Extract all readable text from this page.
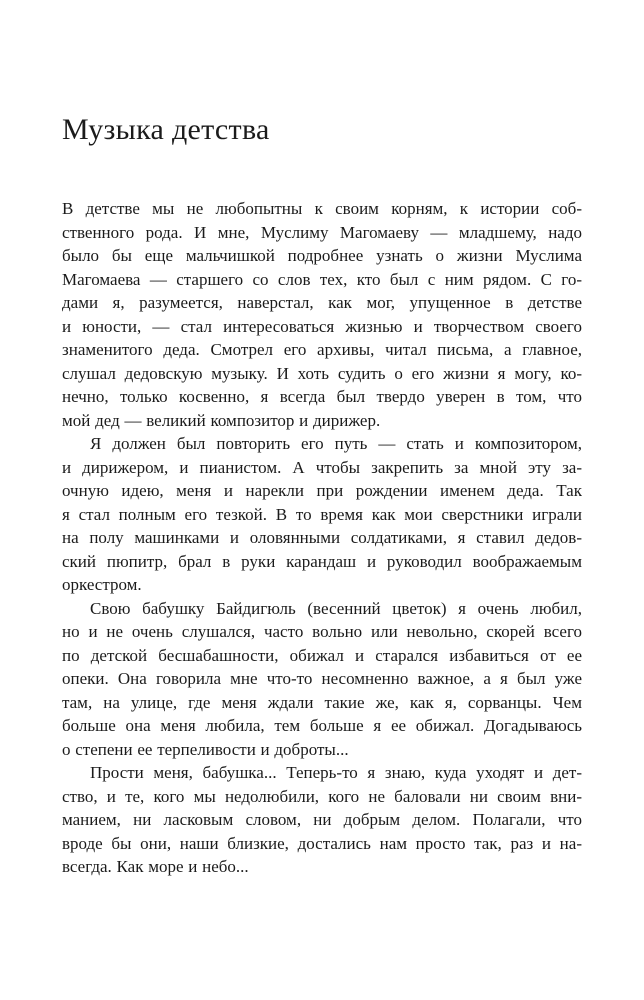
Музыка детства

В детстве мы не любопытны к своим корням, к истории соб-
ственного рода. И мне, Муслиму Магомаеву — младшему, надо
было бы еще мальчишкой подробнее узнать о жизни Муслима
Магомаева — старшего со слов тех, кто был с ним рядом. С го-
дами я, разумеется, наверстал, как мог, упущенное в детстве
и юности, — стал интересоваться жизнью и творчеством своего
знаменитого деда. Смотрел его архивы, читал письма, а главное,
слушал дедовскую музыку. И хоть судить о его жизни я могу, ко-
нечно, только косвенно, я всегда был твердо уверен в том, что
мой дед — великий композитор и дирижер.

Я должен был повторить его путь — стать и композитором,
и дирижером, и пианистом. А чтобы закрепить за мной эту за-
очную идею, меня и нарекли при рождении именем деда. Так
я стал полным его тезкой. В то время как мои сверстники играли
на полу машинками и оловянными солдатиками, я ставил дедов-
ский пюпитр, брал в руки карандаш и руководил воображаемым
оркестром.

Свою бабушку Байдигюль (весенний цветок) я очень любил,
но и не очень слушался, часто вольно или невольно, скорей всего
по детской бесшабашности, обижал и старался избавиться от ее
опеки. Она говорила мне что-то несомненно важное, а я был уже
там, на улице, где меня ждали такие же, как я, сорванцы. Чем
больше она меня любила, тем больше я ее обижал. Догадываюсь
о степени ее терпеливости и доброты...

Прости меня, бабушка... Теперь-то я знаю, куда уходят и дет-
ство, и те, кого мы недолюбили, кого не баловали ни своим вни-
манием, ни ласковым словом, ни добрым делом. Полагали, что
вроде бы они, наши близкие, достались нам просто так, раз и на-
всегда. Как море и небо...
